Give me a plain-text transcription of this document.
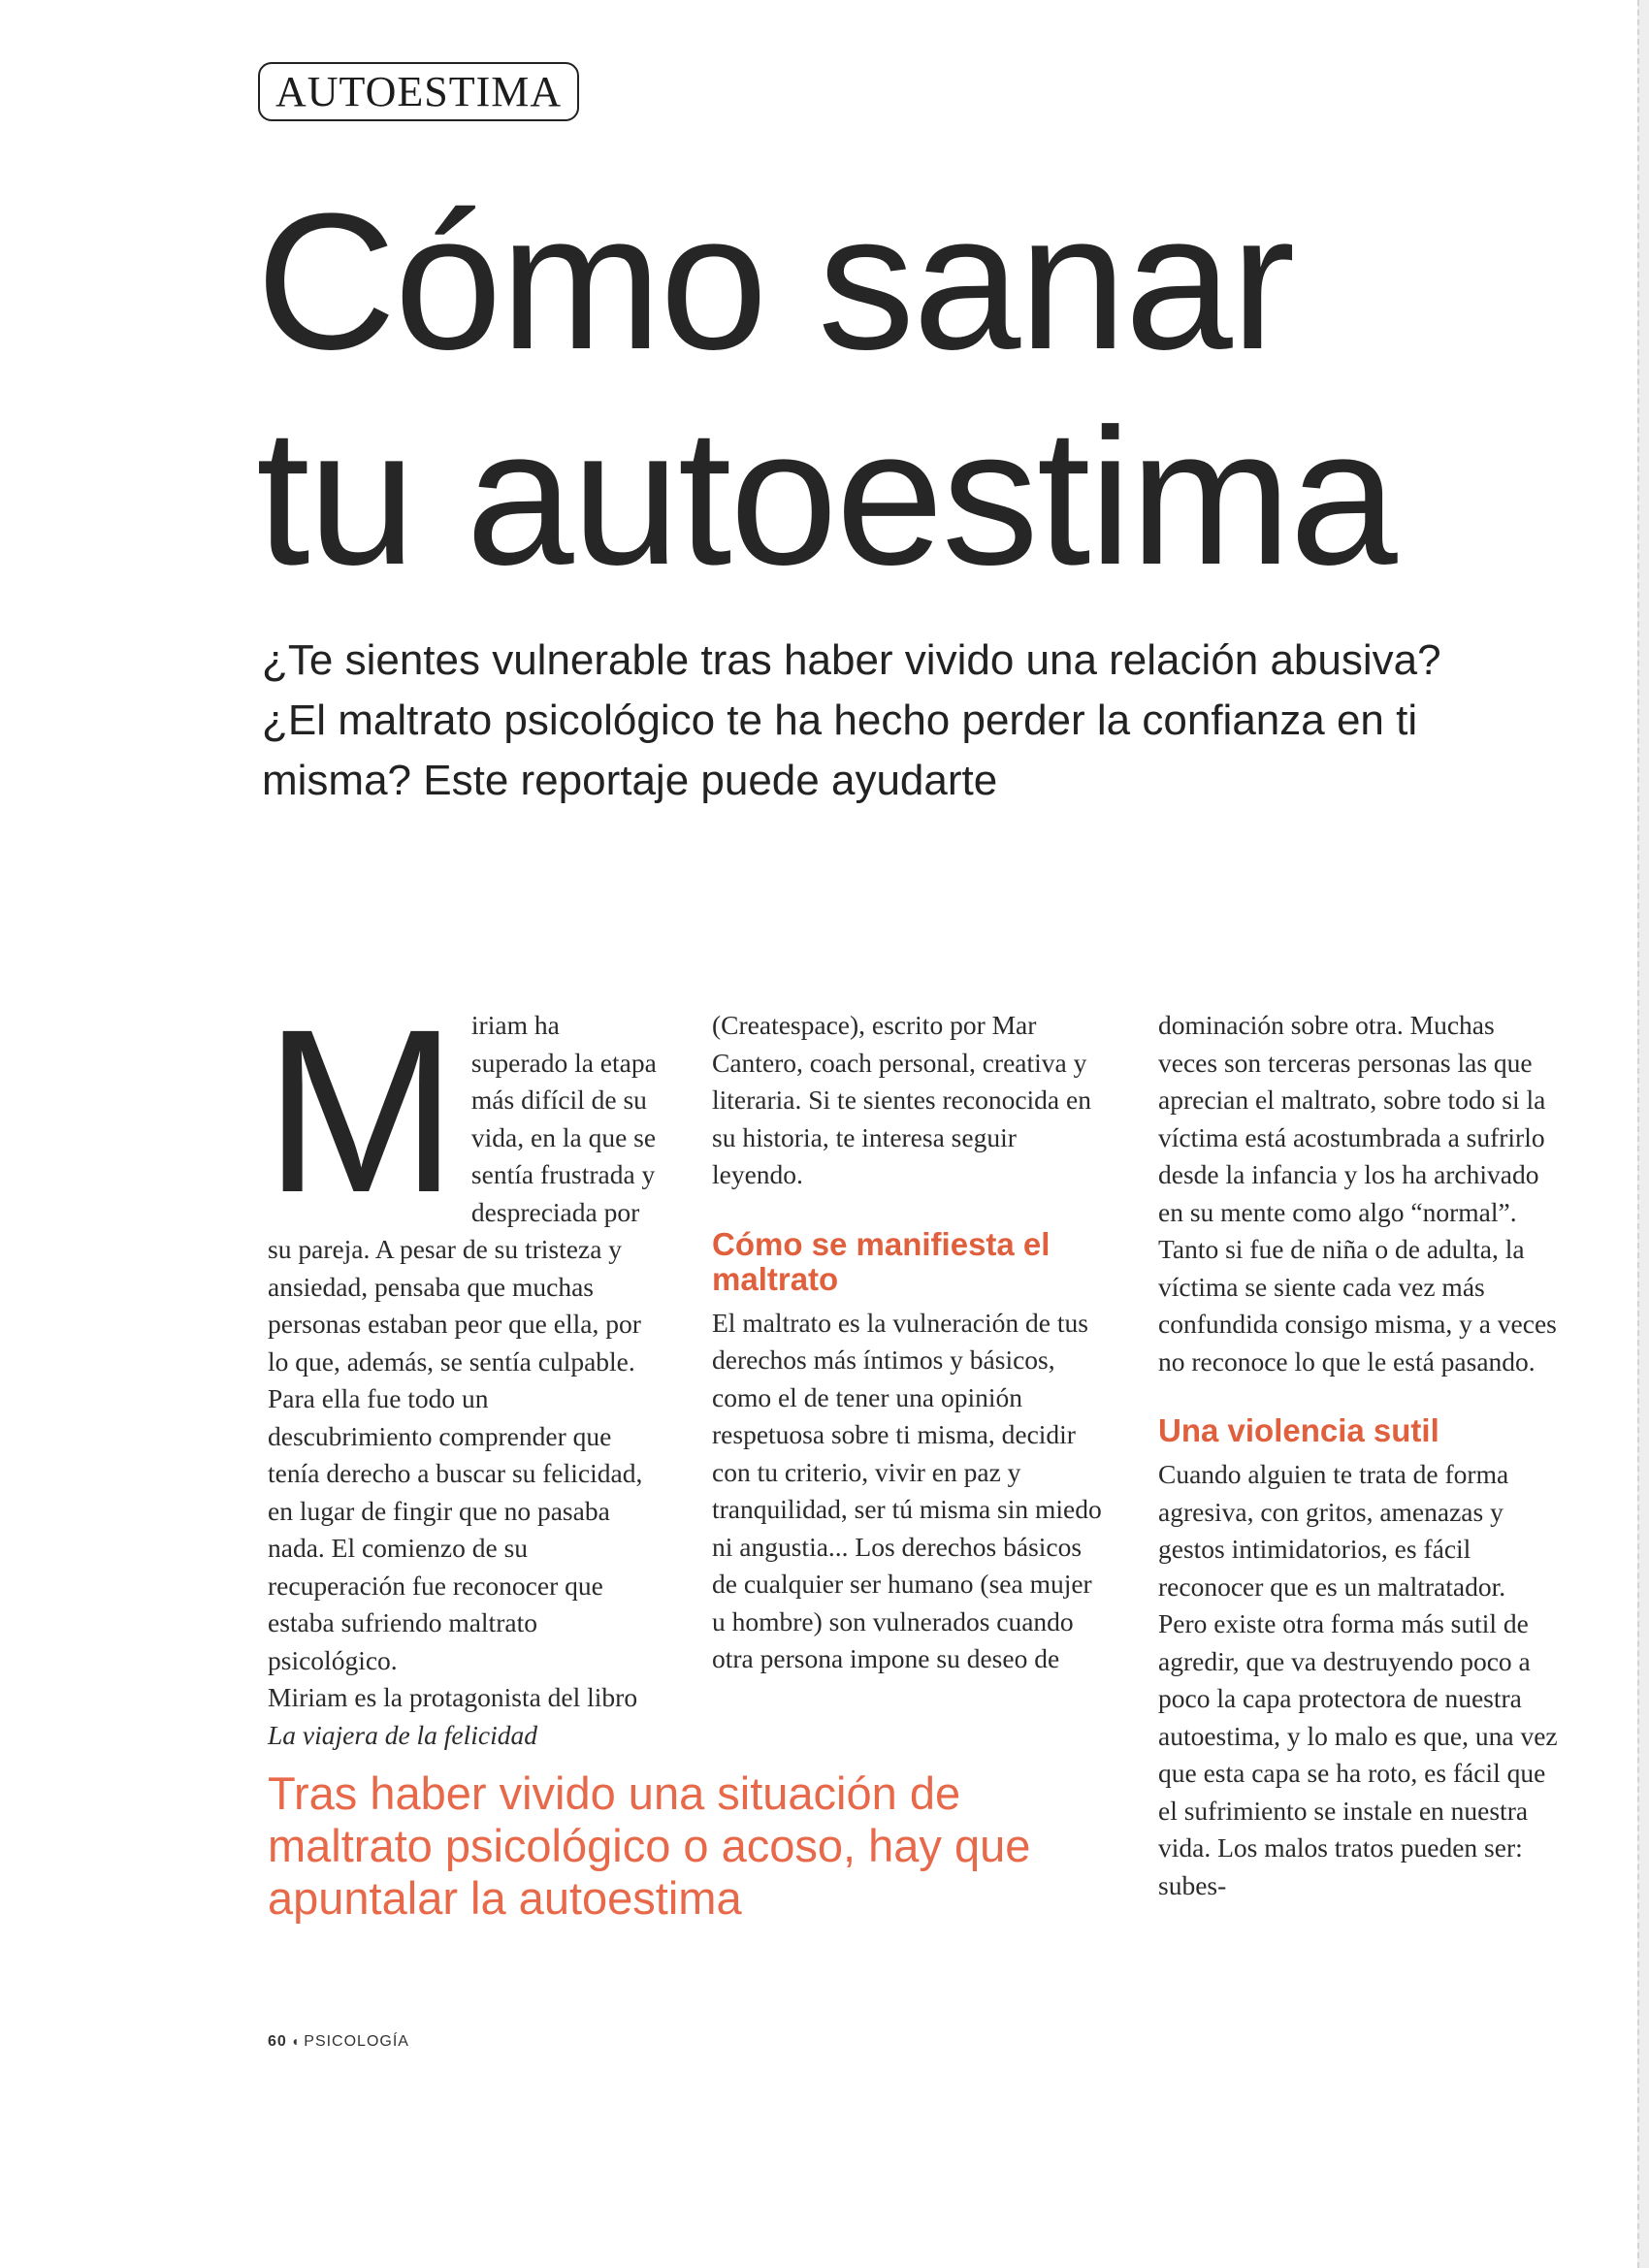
AUTOESTIMA
Cómo sanar
tu autoestima

¿Te sientes vulnerable tras haber vivido una relación abusiva? ¿El maltrato psicológico te ha hecho perder la confianza en ti misma? Este reportaje puede ayudarte

M iriam ha superado la etapa más difícil de su vida, en la que se sentía frustrada y despreciada por su pareja. A pesar de su tristeza y ansiedad, pensaba que muchas personas estaban peor que ella, por lo que, además, se sentía culpable.

Para ella fue todo un descubrimiento comprender que tenía derecho a buscar su felicidad, en lugar de fingir que no pasaba nada. El comienzo de su recuperación fue reconocer que estaba sufriendo maltrato psicológico.

Miriam es la protagonista del libro La viajera de la felicidad

(Createspace), escrito por Mar Cantero, coach personal, creativa y literaria. Si te sientes reconocida en su historia, te interesa seguir leyendo.

Cómo se manifiesta el maltrato

El maltrato es la vulneración de tus derechos más íntimos y básicos, como el de tener una opinión respetuosa sobre ti misma, decidir con tu criterio, vivir en paz y tranquilidad, ser tú misma sin miedo ni angustia... Los derechos básicos de cualquier ser humano (sea mujer u hombre) son vulnerados cuando otra persona impone su deseo de

dominación sobre otra. Muchas veces son terceras personas las que aprecian el maltrato, sobre todo si la víctima está acostumbrada a sufrirlo desde la infancia y los ha archivado en su mente como algo “normal”. Tanto si fue de niña o de adulta, la víctima se siente cada vez más confundida consigo misma, y a veces no reconoce lo que le está pasando.

Una violencia sutil

Cuando alguien te trata de forma agresiva, con gritos, amenazas y gestos intimidatorios, es fácil reconocer que es un maltratador. Pero existe otra forma más sutil de agredir, que va destruyendo poco a poco la capa protectora de nuestra autoestima, y lo malo es que, una vez que esta capa se ha roto, es fácil que el sufrimiento se instale en nuestra vida. Los malos tratos pueden ser: subes-

Tras haber vivido una situación de maltrato psicológico o acoso, hay que apuntalar la autoestima

60 ◖ PSICOLOGÍA
